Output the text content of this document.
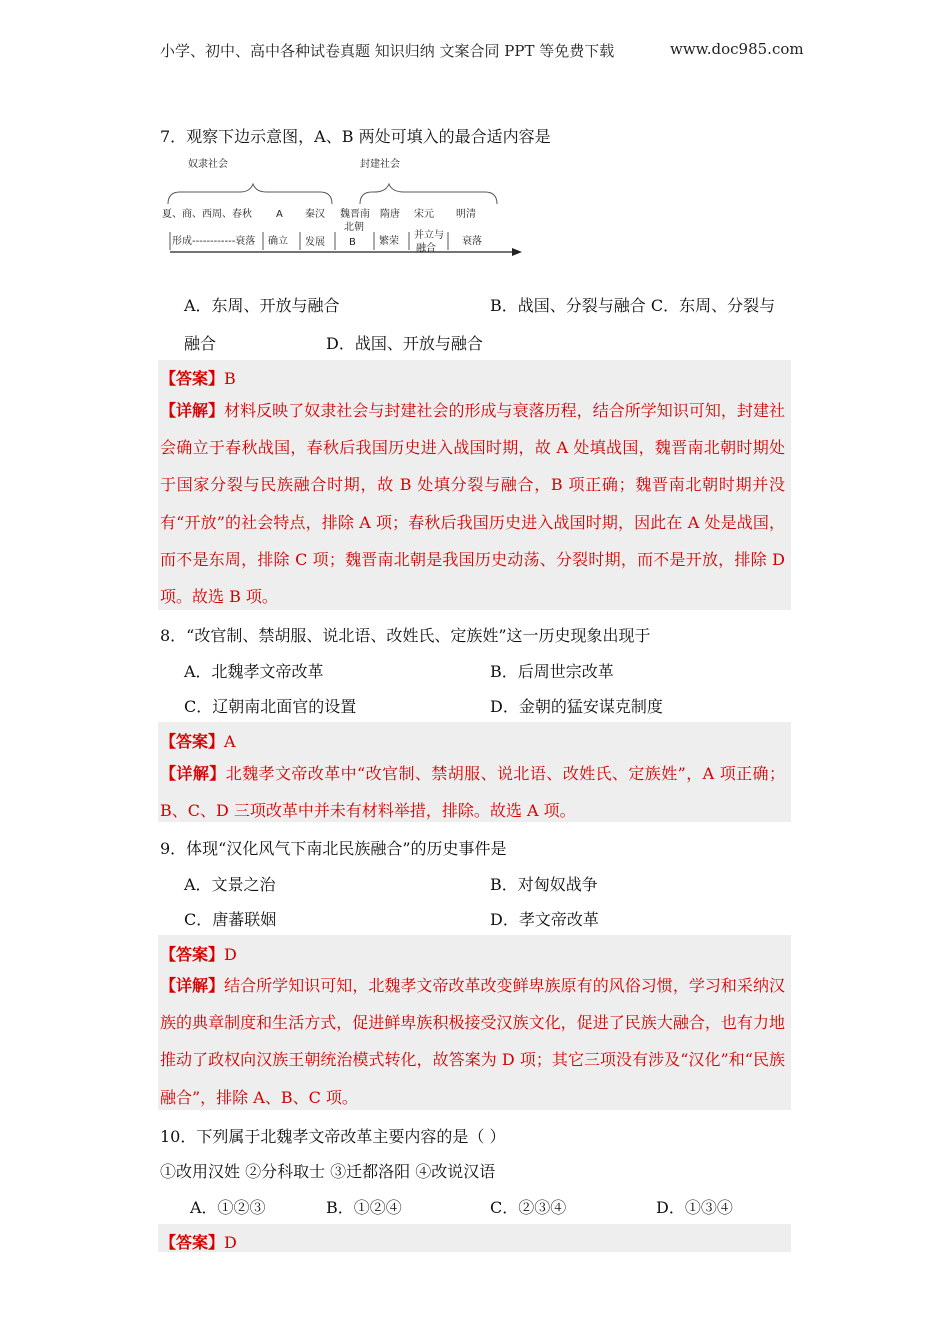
小学、初中、高中各种试卷真题 知识归纳 文案合同 PPT 等免费下载	www.doc985.com
7．观察下边示意图，A、B 两处可填入的最合适内容是
奴隶社会	封建社会
夏、商、西周、春秋 A 秦汉 魏晋南
北朝
隋唐 宋元 明清
形成------------衰落 确立 发展 B 繁荣
并立与
融合
衰落
A．东周、开放与融合	B．战国、分裂与融合 C．东周、分裂与
融合	D．战国、开放与融合
【答案】B
【详解】材料反映了奴隶社会与封建社会的形成与衰落历程，结合所学知识可知，封建社会确立于春秋战国，春秋后我国历史进入战国时期，故 A 处填战国，魏晋南北朝时期处于国家分裂与民族融合时期，故 B 处填分裂与融合，B 项正确；魏晋南北朝时期并没有“开放”的社会特点，排除 A 项；春秋后我国历史进入战国时期，因此在 A 处是战国，而不是东周，排除 C 项；魏晋南北朝是我国历史动荡、分裂时期，而不是开放，排除 D 项。故选 B 项。
8．“改官制、禁胡服、说北语、改姓氏、定族姓”这一历史现象出现于
A．北魏孝文帝改革	B．后周世宗改革
C．辽朝南北面官的设置	D．金朝的猛安谋克制度
【答案】A
【详解】北魏孝文帝改革中“改官制、禁胡服、说北语、改姓氏、定族姓”，A 项正确；B、C、D 三项改革中并未有材料举措，排除。故选 A 项。
9．体现“汉化风气下南北民族融合”的历史事件是
A．文景之治	B．对匈奴战争
C．唐蕃联姻	D．孝文帝改革
【答案】D
【详解】结合所学知识可知，北魏孝文帝改革改变鲜卑族原有的风俗习惯，学习和采纳汉族的典章制度和生活方式，促进鲜卑族积极接受汉族文化，促进了民族大融合，也有力地推动了政权向汉族王朝统治模式转化，故答案为 D 项；其它三项没有涉及“汉化”和“民族融合”，排除 A、B、C 项。
10．下列属于北魏孝文帝改革主要内容的是（ ）
①改用汉姓 ②分科取士 ③迁都洛阳 ④改说汉语
A．①②③	B．①②④	C．②③④	D．①③④
【答案】D
